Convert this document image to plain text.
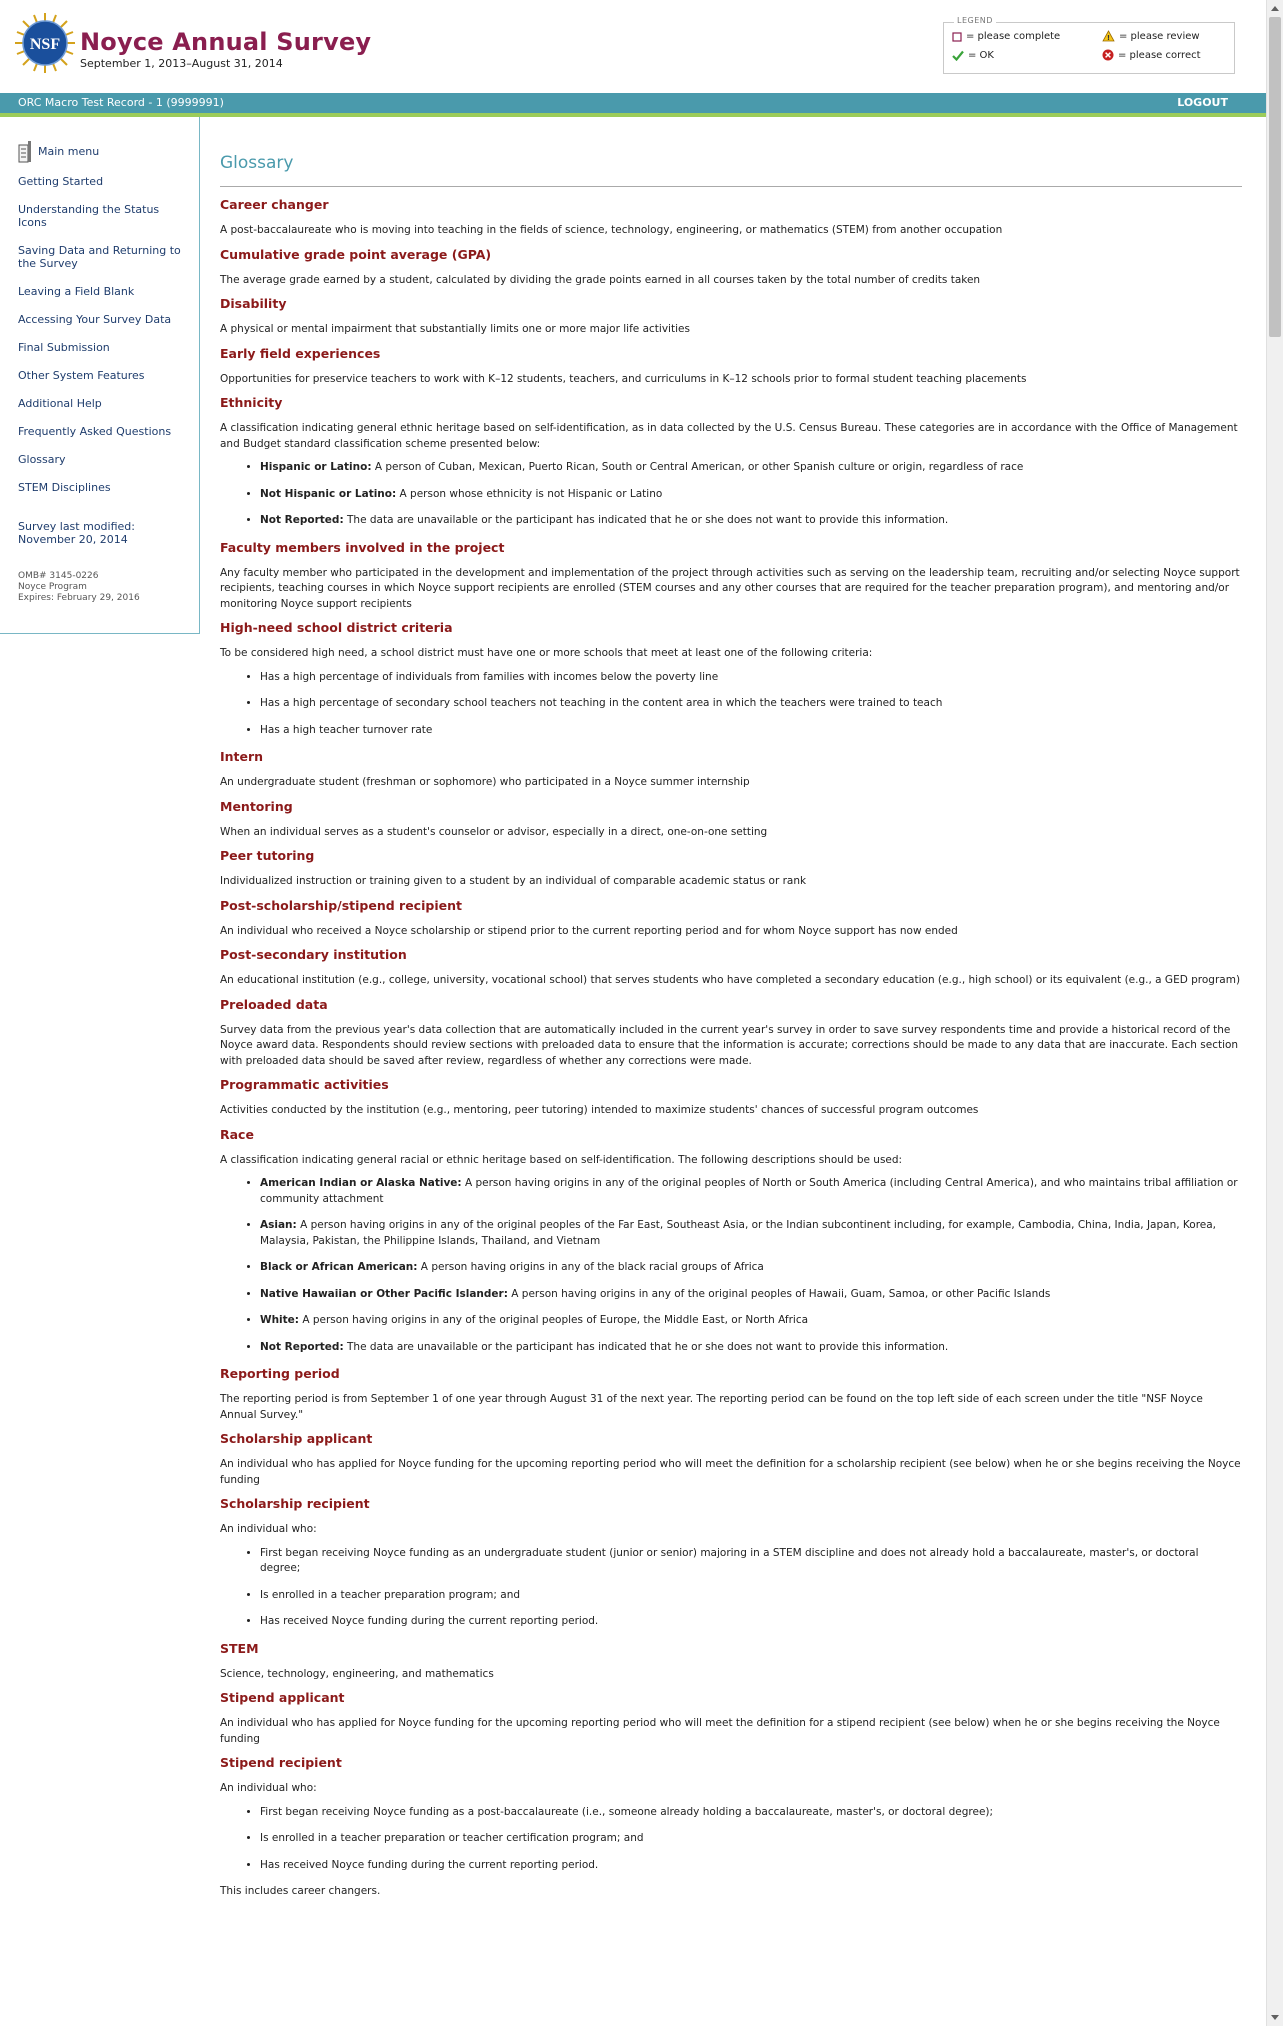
NSF Noyce Annual Survey
September 1, 2013–August 31, 2014
LEGEND
= please complete	! = please review
= OK	= please correct
ORC Macro Test Record - 1 (9999991)	LOGOUT
Main menu
Getting Started
Understanding the Status Icons
Saving Data and Returning to the Survey
Leaving a Field Blank
Accessing Your Survey Data
Final Submission
Other System Features
Additional Help
Frequently Asked Questions
Glossary
STEM Disciplines
Survey last modified:
November 20, 2014
OMB# 3145-0226
Noyce Program
Expires: February 29, 2016
Glossary
Career changer

A post-baccalaureate who is moving into teaching in the fields of science, technology, engineering, or mathematics (STEM) from another occupation

Cumulative grade point average (GPA)

The average grade earned by a student, calculated by dividing the grade points earned in all courses taken by the total number of credits taken

Disability

A physical or mental impairment that substantially limits one or more major life activities

Early field experiences

Opportunities for preservice teachers to work with K–12 students, teachers, and curriculums in K–12 schools prior to formal student teaching placements

Ethnicity

A classification indicating general ethnic heritage based on self-identification, as in data collected by the U.S. Census Bureau. These categories are in accordance with the Office of Management and Budget standard classification scheme presented below:

• Hispanic or Latino: A person of Cuban, Mexican, Puerto Rican, South or Central American, or other Spanish culture or origin, regardless of race
• Not Hispanic or Latino: A person whose ethnicity is not Hispanic or Latino
• Not Reported: The data are unavailable or the participant has indicated that he or she does not want to provide this information.
Faculty members involved in the project

Any faculty member who participated in the development and implementation of the project through activities such as serving on the leadership team, recruiting and/or selecting Noyce support recipients, teaching courses in which Noyce support recipients are enrolled (STEM courses and any other courses that are required for the teacher preparation program), and mentoring and/or monitoring Noyce support recipients

High-need school district criteria

To be considered high need, a school district must have one or more schools that meet at least one of the following criteria:

• Has a high percentage of individuals from families with incomes below the poverty line
• Has a high percentage of secondary school teachers not teaching in the content area in which the teachers were trained to teach
• Has a high teacher turnover rate
Intern

An undergraduate student (freshman or sophomore) who participated in a Noyce summer internship

Mentoring

When an individual serves as a student's counselor or advisor, especially in a direct, one-on-one setting

Peer tutoring

Individualized instruction or training given to a student by an individual of comparable academic status or rank

Post-scholarship/stipend recipient

An individual who received a Noyce scholarship or stipend prior to the current reporting period and for whom Noyce support has now ended

Post-secondary institution

An educational institution (e.g., college, university, vocational school) that serves students who have completed a secondary education (e.g., high school) or its equivalent (e.g., a GED program)

Preloaded data

Survey data from the previous year's data collection that are automatically included in the current year's survey in order to save survey respondents time and provide a historical record of the Noyce award data. Respondents should review sections with preloaded data to ensure that the information is accurate; corrections should be made to any data that are inaccurate. Each section with preloaded data should be saved after review, regardless of whether any corrections were made.

Programmatic activities

Activities conducted by the institution (e.g., mentoring, peer tutoring) intended to maximize students' chances of successful program outcomes

Race

A classification indicating general racial or ethnic heritage based on self-identification. The following descriptions should be used:

• American Indian or Alaska Native: A person having origins in any of the original peoples of North or South America (including Central America), and who maintains tribal affiliation or community attachment
• Asian: A person having origins in any of the original peoples of the Far East, Southeast Asia, or the Indian subcontinent including, for example, Cambodia, China, India, Japan, Korea, Malaysia, Pakistan, the Philippine Islands, Thailand, and Vietnam
• Black or African American: A person having origins in any of the black racial groups of Africa
• Native Hawaiian or Other Pacific Islander: A person having origins in any of the original peoples of Hawaii, Guam, Samoa, or other Pacific Islands
• White: A person having origins in any of the original peoples of Europe, the Middle East, or North Africa
• Not Reported: The data are unavailable or the participant has indicated that he or she does not want to provide this information.
Reporting period

The reporting period is from September 1 of one year through August 31 of the next year. The reporting period can be found on the top left side of each screen under the title "NSF Noyce Annual Survey."

Scholarship applicant

An individual who has applied for Noyce funding for the upcoming reporting period who will meet the definition for a scholarship recipient (see below) when he or she begins receiving the Noyce funding

Scholarship recipient

An individual who:

• First began receiving Noyce funding as an undergraduate student (junior or senior) majoring in a STEM discipline and does not already hold a baccalaureate, master's, or doctoral degree;
• Is enrolled in a teacher preparation program; and
• Has received Noyce funding during the current reporting period.
STEM

Science, technology, engineering, and mathematics

Stipend applicant

An individual who has applied for Noyce funding for the upcoming reporting period who will meet the definition for a stipend recipient (see below) when he or she begins receiving the Noyce funding

Stipend recipient

An individual who:

• First began receiving Noyce funding as a post-baccalaureate (i.e., someone already holding a baccalaureate, master's, or doctoral degree);
• Is enrolled in a teacher preparation or teacher certification program; and
• Has received Noyce funding during the current reporting period.

This includes career changers.
